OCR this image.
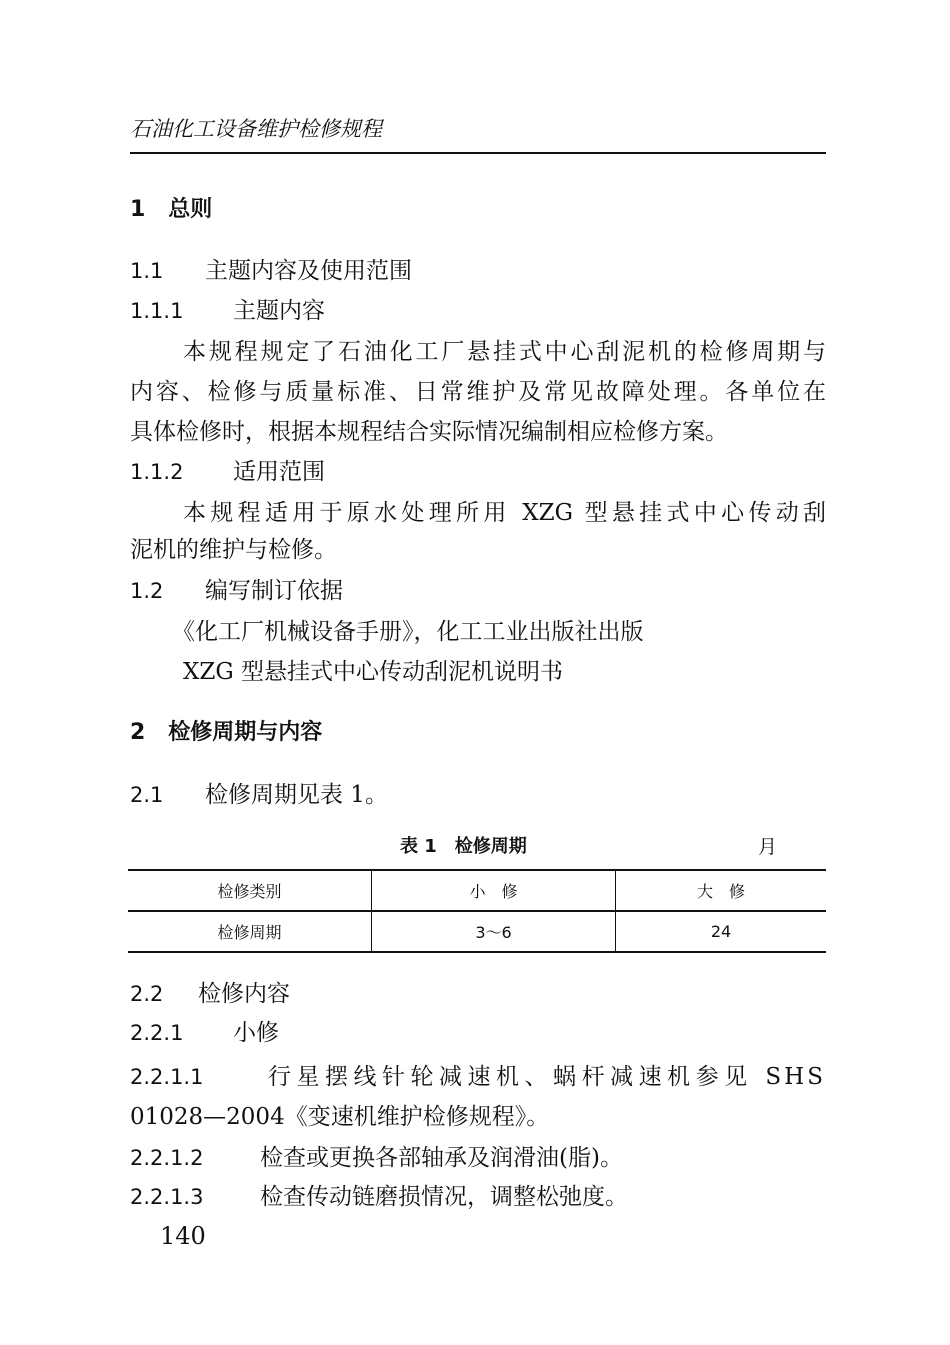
石油化工设备维护检修规程
1 总则
1.1 主题内容及使用范围
1.1.1 主题内容
本规程规定了石油化工厂悬挂式中心刮泥机的检修周期与
内容、检修与质量标准、日常维护及常见故障处理。各单位在
具体检修时，根据本规程结合实际情况编制相应检修方案。
1.1.2 适用范围
本规程适用于原水处理所用 XZG 型悬挂式中心传动刮
泥机的维护与检修。
1.2 编写制订依据
《化工厂机械设备手册》，化工工业出版社出版
XZG 型悬挂式中心传动刮泥机说明书
2 检修周期与内容
2.1 检修周期见表 1。
表 1　检修周期	月
检修类别	小　修	大　修
检修周期	3～6	24
2.2 检修内容
2.2.1 小修
2.2.1.1	行星摆线针轮减速机、蜗杆减速机参见 SHS
01028—2004《变速机维护检修规程》。
2.2.1.2 检查或更换各部轴承及润滑油(脂)。
2.2.1.3 检查传动链磨损情况，调整松弛度。
140
